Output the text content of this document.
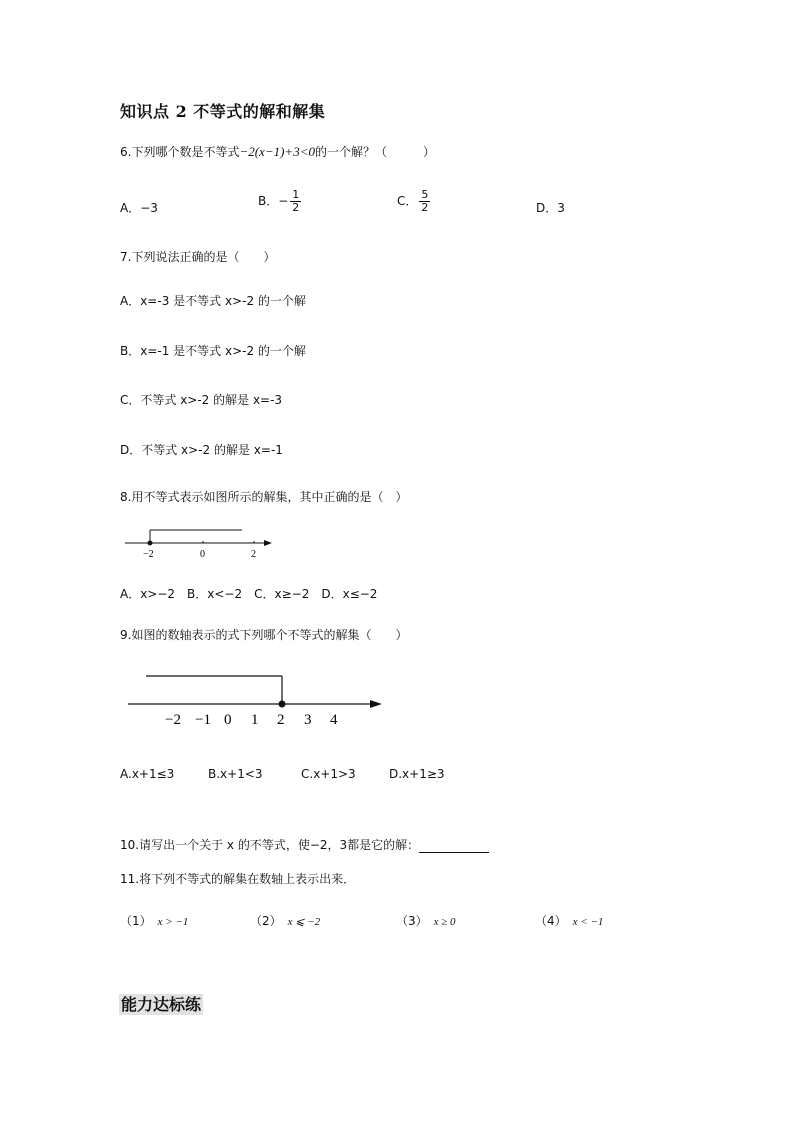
知识点 2 不等式的解和解集
6.下列哪个数是不等式−2(x−1)+3<0的一个解？（　　　）
A．−3	B．− $\frac{1}{2}$	C． $\frac{5}{2}$	D．3
7.下列说法正确的是（　　）
A．x=-3 是不等式 x>-2 的一个解
B．x=-1 是不等式 x>-2 的一个解
C．不等式 x>-2 的解是 x=-3
D．不等式 x>-2 的解是 x=-1
8.用不等式表示如图所示的解集，其中正确的是（　）
−2	0	2
A．x>−2　B．x<−2　C．x≥−2　D．x≤−2
9.如图的数轴表示的式下列哪个不等式的解集（　　）
−2 −1 0 1 2 3 4
A.x+1≤3	B.x+1<3	C.x+1>3	D.x+1≥3
10.请写出一个关于 x 的不等式，使−2，3都是它的解：
11.将下列不等式的解集在数轴上表示出来．
（1） x > −1	（2） x ⩽ −2	（3） x ≥ 0	（4） x < −1
能力达标练
